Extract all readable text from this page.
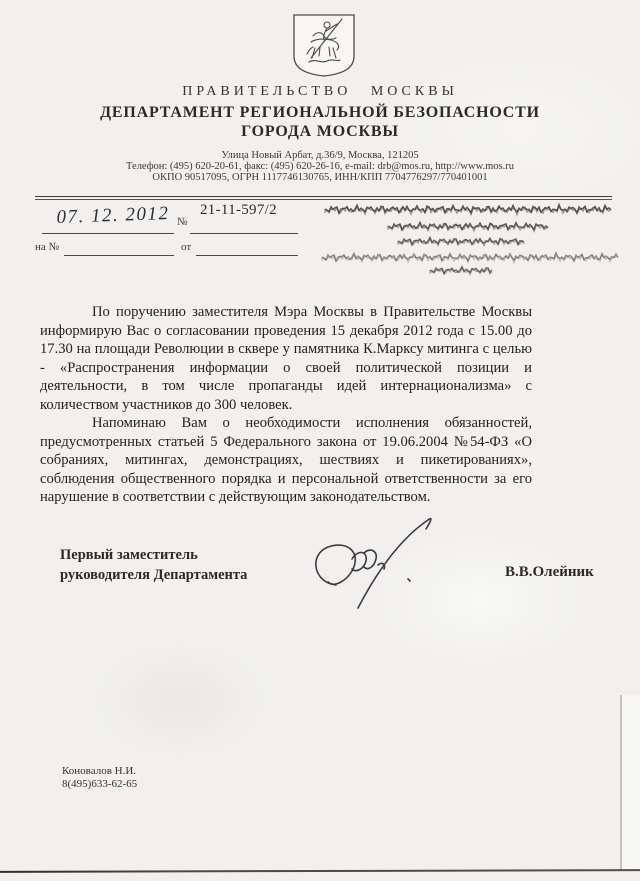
ПРАВИТЕЛЬСТВО МОСКВЫ
ДЕПАРТАМЕНТ РЕГИОНАЛЬНОЙ БЕЗОПАСНОСТИ
ГОРОДА МОСКВЫ
Улица Новый Арбат, д.36/9, Москва, 121205
Телефон: (495) 620-20-61, факс: (495) 620-26-16, e-mail: drb@mos.ru, http://www.mos.ru
ОКПО 90517095, ОГРН 1117746130765, ИНН/КПП 7704776297/770401001
07. 12. 2012 №
21-11-597/2
на №	от

По поручению заместителя Мэра Москвы в Правительстве Москвы информирую Вас о согласовании проведения 15 декабря 2012 года с 15.00 до 17.30 на площади Революции в сквере у памятника К.Марксу митинга с целью - «Распространения информации о своей политической позиции и деятельности, в том числе пропаганды идей интернационализма» с количеством участников до 300 человек.

Напоминаю Вам о необходимости исполнения обязанностей, предусмотренных статьей 5 Федерального закона от 19.06.2004 №54-ФЗ «О собраниях, митингах, демонстрациях, шествиях и пикетированиях», соблюдения общественного порядка и персональной ответственности за его нарушение в соответствии с действующим законодательством.

Первый заместитель
руководителя Департамента	В.В.Олейник
Коновалов Н.И.
8(495)633-62-65
